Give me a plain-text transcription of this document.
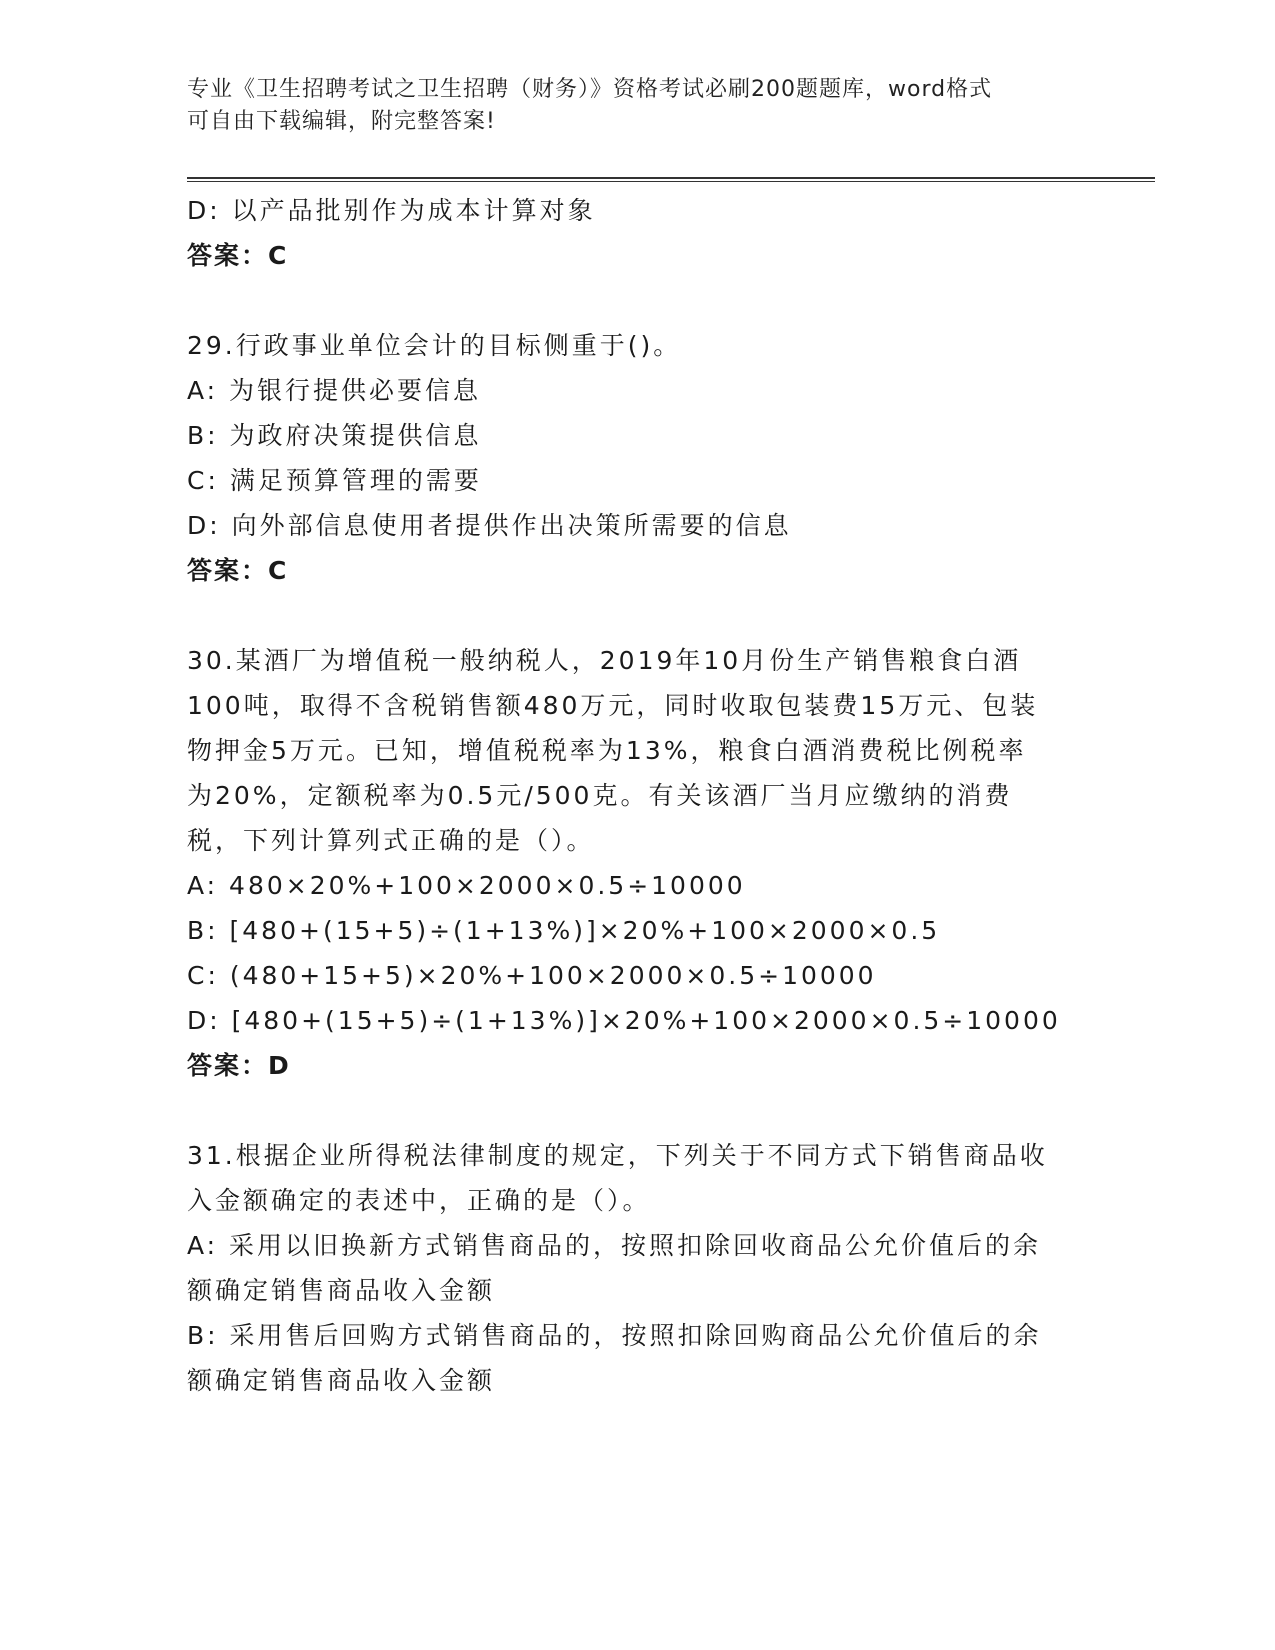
专业《卫生招聘考试之卫生招聘（财务）》资格考试必刷200题题库，word格式
可自由下载编辑，附完整答案!
D: 以产品批别作为成本计算对象
答案：C
29.行政事业单位会计的目标侧重于()。
A: 为银行提供必要信息
B: 为政府决策提供信息
C: 满足预算管理的需要
D: 向外部信息使用者提供作出决策所需要的信息
答案：C
30.某酒厂为增值税一般纳税人，2019年10月份生产销售粮食白酒
100吨，取得不含税销售额480万元，同时收取包装费15万元、包装
物押金5万元。已知，增值税税率为13%，粮食白酒消费税比例税率
为20%，定额税率为0.5元/500克。有关该酒厂当月应缴纳的消费
税，下列计算列式正确的是（）。
A: 480×20%+100×2000×0.5÷10000
B: [480+(15+5)÷(1+13%)]×20%+100×2000×0.5
C: (480+15+5)×20%+100×2000×0.5÷10000
D: [480+(15+5)÷(1+13%)]×20%+100×2000×0.5÷10000
答案：D
31.根据企业所得税法律制度的规定，下列关于不同方式下销售商品收
入金额确定的表述中，正确的是（）。
A: 采用以旧换新方式销售商品的，按照扣除回收商品公允价值后的余
额确定销售商品收入金额
B: 采用售后回购方式销售商品的，按照扣除回购商品公允价值后的余
额确定销售商品收入金额
